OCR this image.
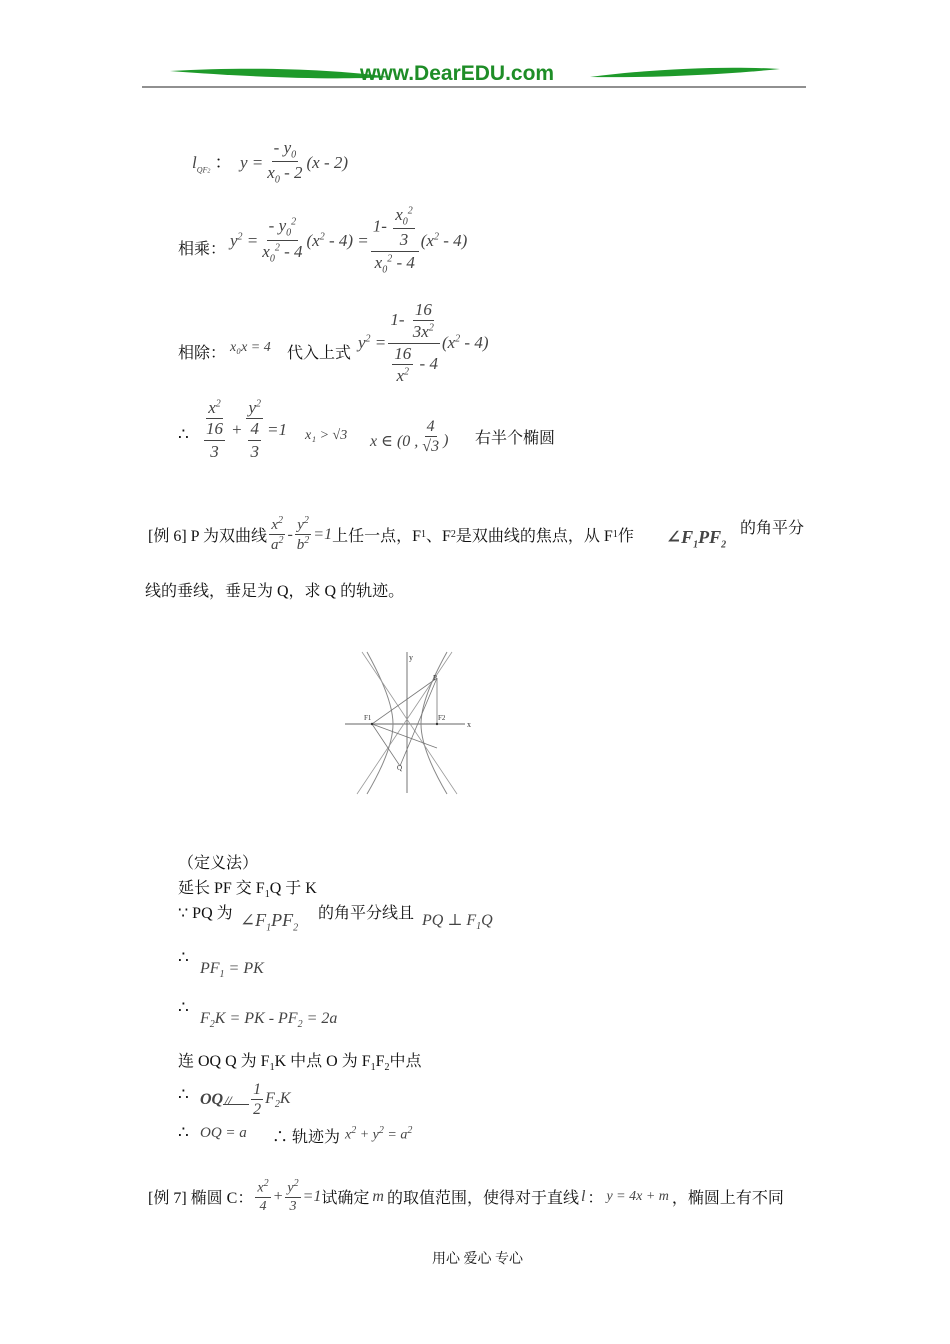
www.DearEDU.com
$l_{QF2}$ ： $y = \frac{- y_0}{x_0 - 2} (x - 2)$
相乘： $y^2 = \frac{- y_0^2}{x_0^2 - 4} (x^2 - 4) = \frac{1- \frac{x_0^2}{3}}{x_0^2 - 4} (x^2 - 4)$
相除： x₀x = 4 代入上式
$y^2 = \frac{1- \frac{16}{3x^2}}{\frac{16}{x^2} - 4} (x^2 - 4)$
∴ $\frac{x^2}{\frac{16}{3}} + \frac{y^2}{\frac{4}{3}} =1$ x₁ > √3 x ∈ (0 , $\frac{4}{√3}$ ) 右半个椭圆
[例 6] P 为双曲线 $\frac{x^2}{a^2} - \frac{y^2}{b^2} =1$ 上任一点，F 1 、F 2 是双曲线的焦点，从 F 1 作 $\angle F_1PF_2$
的角平分
线的垂线，垂足为 Q，求 Q 的轨迹。
x
y
F1	F2
P
Q
（定义法）
延长 PF 交 $F_1Q$ 于 K
∵ PQ 为 $\angle F_1PF_2$
的角平分线且 PQ ⊥ $F_1Q$
∴
$PF_1$ = PK
∴
$F_2K$ = PK - $PF_2 = 2a$
连 OQ Q 为 $F_1K$ 中点 O 为 $F_1F_2$中点
∴ OQ // $\frac{1}{2} F_2K$
∴ OQ = a ∴ 轨迹为 $x^2 + y^2 = a^2$
[例 7] 椭圆 C： $\frac{x^2}{4} + \frac{y^2}{3} =1$ 试确定 m 的取值范围，使得对于直线 l ： y = 4x + m ，椭圆上有不同
用心 爱心 专心
